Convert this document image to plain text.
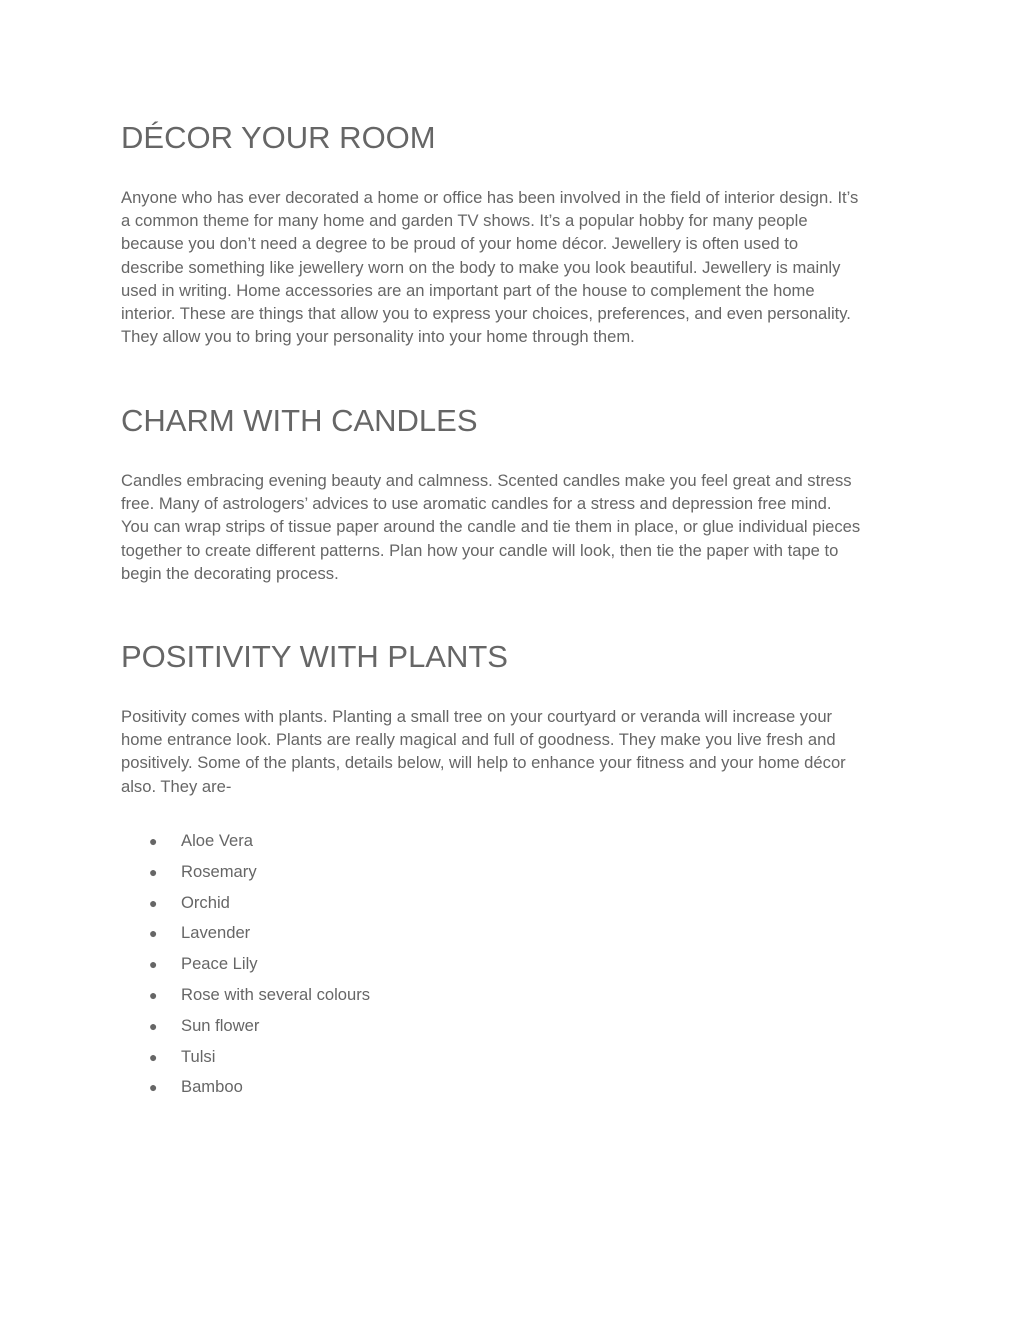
DÉCOR YOUR ROOM
Anyone who has ever decorated a home or office has been involved in the field of interior design. It’s
a common theme for many home and garden TV shows. It’s a popular hobby for many people
because you don’t need a degree to be proud of your home décor. Jewellery is often used to
describe something like jewellery worn on the body to make you look beautiful. Jewellery is mainly
used in writing. Home accessories are an important part of the house to complement the home
interior. These are things that allow you to express your choices, preferences, and even personality.
They allow you to bring your personality into your home through them.
CHARM WITH CANDLES
Candles embracing evening beauty and calmness. Scented candles make you feel great and stress
free. Many of astrologers’ advices to use aromatic candles for a stress and depression free mind.
You can wrap strips of tissue paper around the candle and tie them in place, or glue individual pieces
together to create different patterns. Plan how your candle will look, then tie the paper with tape to
begin the decorating process.
POSITIVITY WITH PLANTS
Positivity comes with plants. Planting a small tree on your courtyard or veranda will increase your
home entrance look. Plants are really magical and full of goodness. They make you live fresh and
positively. Some of the plants, details below, will help to enhance your fitness and your home décor
also. They are-
● Aloe Vera
● Rosemary
● Orchid
● Lavender
● Peace Lily
● Rose with several colours
● Sun flower
● Tulsi
● Bamboo
